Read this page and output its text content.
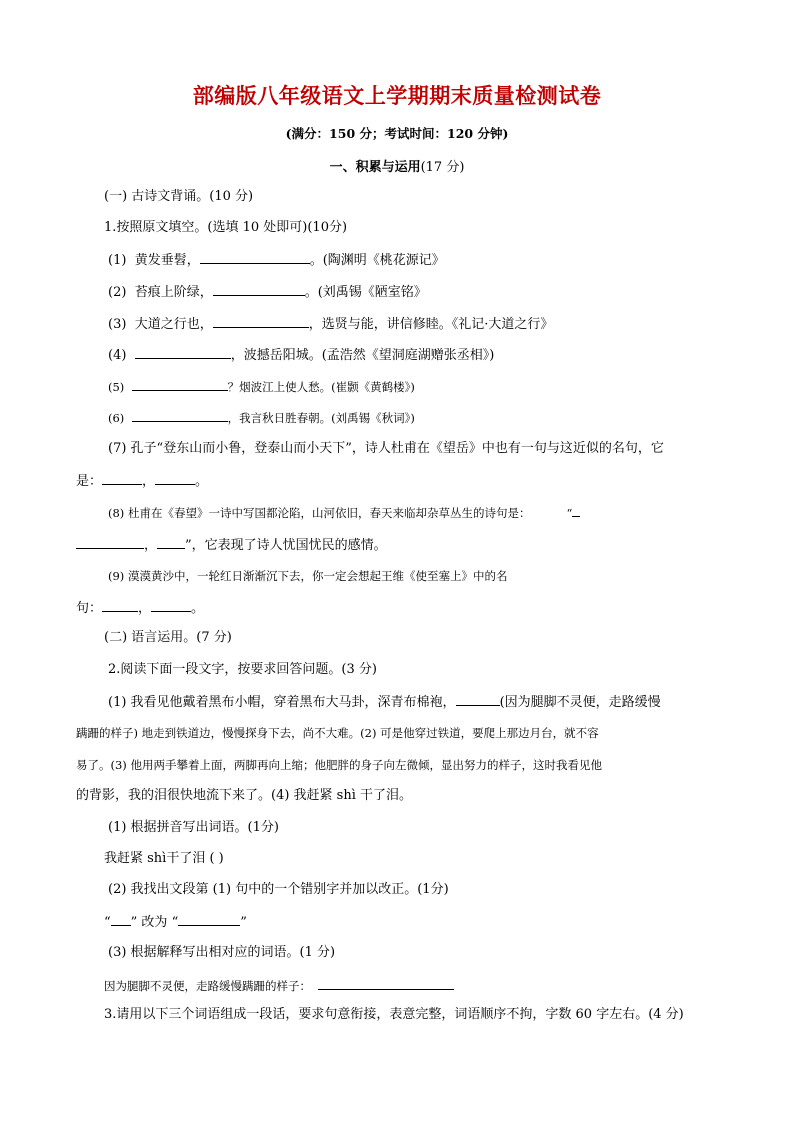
部编版八年级语文上学期期末质量检测试卷
(满分：150 分；考试时间：120 分钟)
一、积累与运用(17 分)
(一) 古诗文背诵。(10 分)
1.按照原文填空。(选填 10 处即可)(10分)
(1) 黄发垂髫，	。(陶渊明《桃花源记》
(2) 苔痕上阶绿，	。(刘禹锡《陋室铭》
(3) 大道之行也，	，选贤与能，讲信修睦。《礼记·大道之行》
(4)	，波撼岳阳城。(孟浩然《望洞庭湖赠张丞相》)
(5)	？烟波江上使人愁。(崔颢《黄鹤楼》)
(6)	，我言秋日胜春朝。(刘禹锡《秋词》)
(7) 孔子“登东山而小鲁，登泰山而小天下”，诗人杜甫在《望岳》中也有一句与这近似的名句，它
是：	，	。
(8) 杜甫在《春望》一诗中写国都沦陷，山河依旧，春天来临却杂草丛生的诗句是：	“
， ”，它表现了诗人忧国忧民的感情。
(9) 漠漠黄沙中，一轮红日渐渐沉下去，你一定会想起王维《使至塞上》中的名
句：	，	。
(二) 语言运用。(7 分)
2.阅读下面一段文字，按要求回答问题。(3 分)
(1) 我看见他戴着黑布小帽，穿着黑布大马卦，深青布棉袍，	(因为腿脚不灵便，走路缓慢
蹒跚的样子) 地走到铁道边，慢慢探身下去，尚不大难。(2) 可是他穿过铁道，要爬上那边月台，就不容
易了。(3) 他用两手攀着上面，两脚再向上缩；他肥胖的身子向左微倾，显出努力的样子，这时我看见他
的背影，我的泪很快地流下来了。(4) 我赶紧 shì 干了泪。
(1) 根据拼音写出词语。(1分)
我赶紧 shì干了泪 ( )
(2) 我找出文段第 (1) 句中的一个错别字并加以改正。(1分)
“ ” 改为 “	”
(3) 根据解释写出相对应的词语。(1 分)
因为腿脚不灵便，走路缓慢蹒跚的样子：
3.请用以下三个词语组成一段话，要求句意衔接，表意完整，词语顺序不拘，字数 60 字左右。(4 分)
